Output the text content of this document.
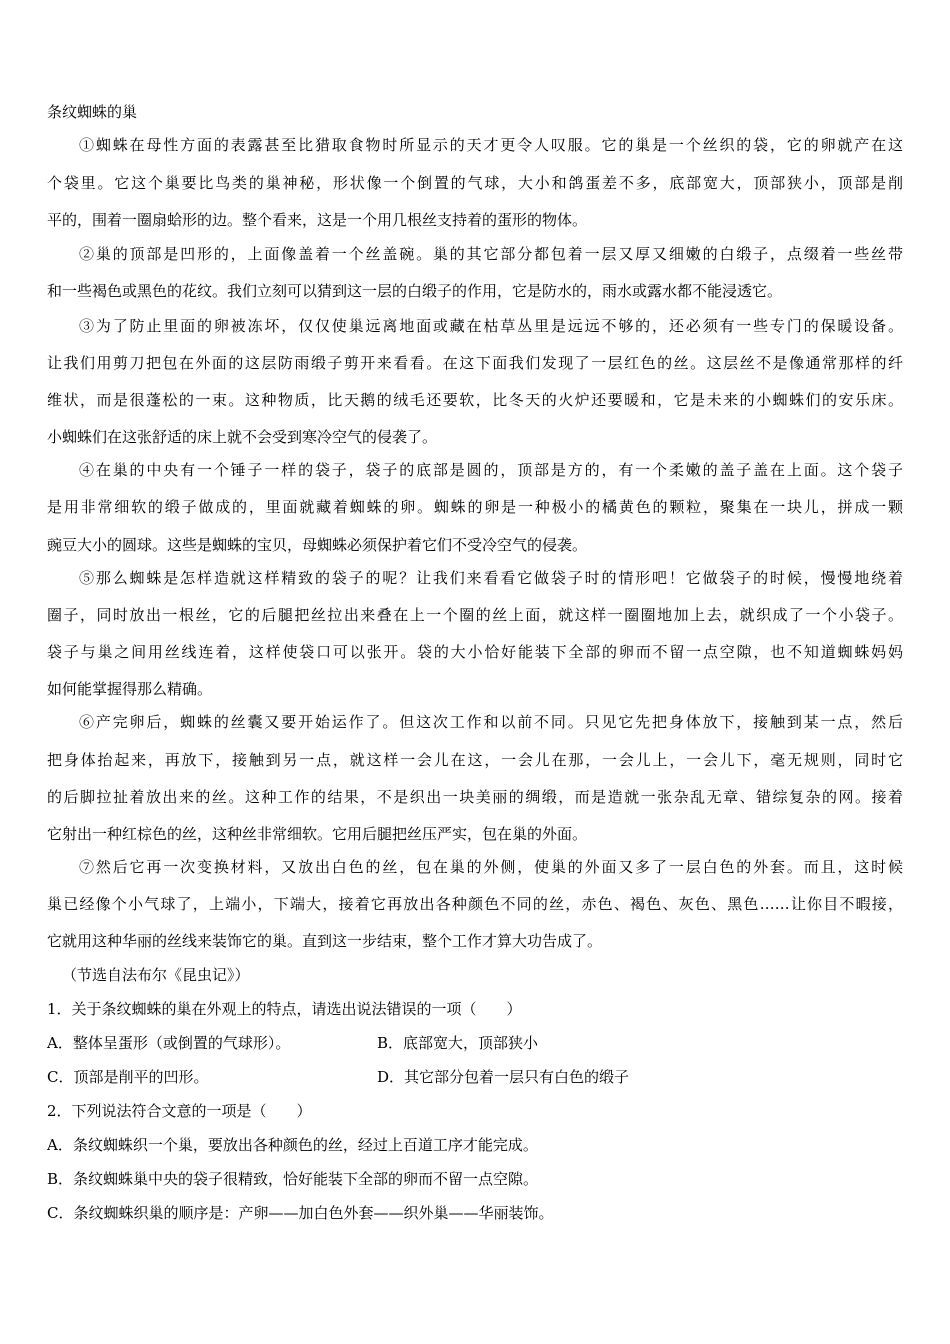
条纹蜘蛛的巢
①蜘蛛在母性方面的表露甚至比猎取食物时所显示的天才更令人叹服。它的巢是一个丝织的袋，它的卵就产在这
个袋里。它这个巢要比鸟类的巢神秘，形状像一个倒置的气球，大小和鸽蛋差不多，底部宽大，顶部狭小，顶部是削
平的，围着一圈扇蛤形的边。整个看来，这是一个用几根丝支持着的蛋形的物体。
②巢的顶部是凹形的，上面像盖着一个丝盖碗。巢的其它部分都包着一层又厚又细嫩的白缎子，点缀着一些丝带
和一些褐色或黑色的花纹。我们立刻可以猜到这一层的白缎子的作用，它是防水的，雨水或露水都不能浸透它。
③为了防止里面的卵被冻坏，仅仅使巢远离地面或藏在枯草丛里是远远不够的，还必须有一些专门的保暖设备。
让我们用剪刀把包在外面的这层防雨缎子剪开来看看。在这下面我们发现了一层红色的丝。这层丝不是像通常那样的纤
维状，而是很蓬松的一束。这种物质，比天鹅的绒毛还要软，比冬天的火炉还要暖和，它是未来的小蜘蛛们的安乐床。
小蜘蛛们在这张舒适的床上就不会受到寒冷空气的侵袭了。
④在巢的中央有一个锤子一样的袋子，袋子的底部是圆的，顶部是方的，有一个柔嫩的盖子盖在上面。这个袋子
是用非常细软的缎子做成的，里面就藏着蜘蛛的卵。蜘蛛的卵是一种极小的橘黄色的颗粒，聚集在一块儿，拼成一颗
豌豆大小的圆球。这些是蜘蛛的宝贝，母蜘蛛必须保护着它们不受冷空气的侵袭。
⑤那么蜘蛛是怎样造就这样精致的袋子的呢？让我们来看看它做袋子时的情形吧！它做袋子的时候，慢慢地绕着
圈子，同时放出一根丝，它的后腿把丝拉出来叠在上一个圈的丝上面，就这样一圈圈地加上去，就织成了一个小袋子。
袋子与巢之间用丝线连着，这样使袋口可以张开。袋的大小恰好能装下全部的卵而不留一点空隙，也不知道蜘蛛妈妈
如何能掌握得那么精确。
⑥产完卵后，蜘蛛的丝囊又要开始运作了。但这次工作和以前不同。只见它先把身体放下，接触到某一点，然后
把身体抬起来，再放下，接触到另一点，就这样一会儿在这，一会儿在那，一会儿上，一会儿下，毫无规则，同时它
的后脚拉扯着放出来的丝。这种工作的结果，不是织出一块美丽的绸缎，而是造就一张杂乱无章、错综复杂的网。接着
它射出一种红棕色的丝，这种丝非常细软。它用后腿把丝压严实，包在巢的外面。
⑦然后它再一次变换材料，又放出白色的丝，包在巢的外侧，使巢的外面又多了一层白色的外套。而且，这时候
巢已经像个小气球了，上端小，下端大，接着它再放出各种颜色不同的丝，赤色、褐色、灰色、黑色……让你目不暇接，
它就用这种华丽的丝线来装饰它的巢。直到这一步结束，整个工作才算大功告成了。
（节选自法布尔《昆虫记》）
1．关于条纹蜘蛛的巢在外观上的特点，请选出说法错误的一项（　　）
A．整体呈蛋形（或倒置的气球形）。	B．底部宽大，顶部狭小
C．顶部是削平的凹形。	D．其它部分包着一层只有白色的缎子
2．下列说法符合文意的一项是（　　）
A．条纹蜘蛛织一个巢，要放出各种颜色的丝，经过上百道工序才能完成。
B．条纹蜘蛛巢中央的袋子很精致，恰好能装下全部的卵而不留一点空隙。
C．条纹蜘蛛织巢的顺序是：产卵——加白色外套——织外巢——华丽装饰。
